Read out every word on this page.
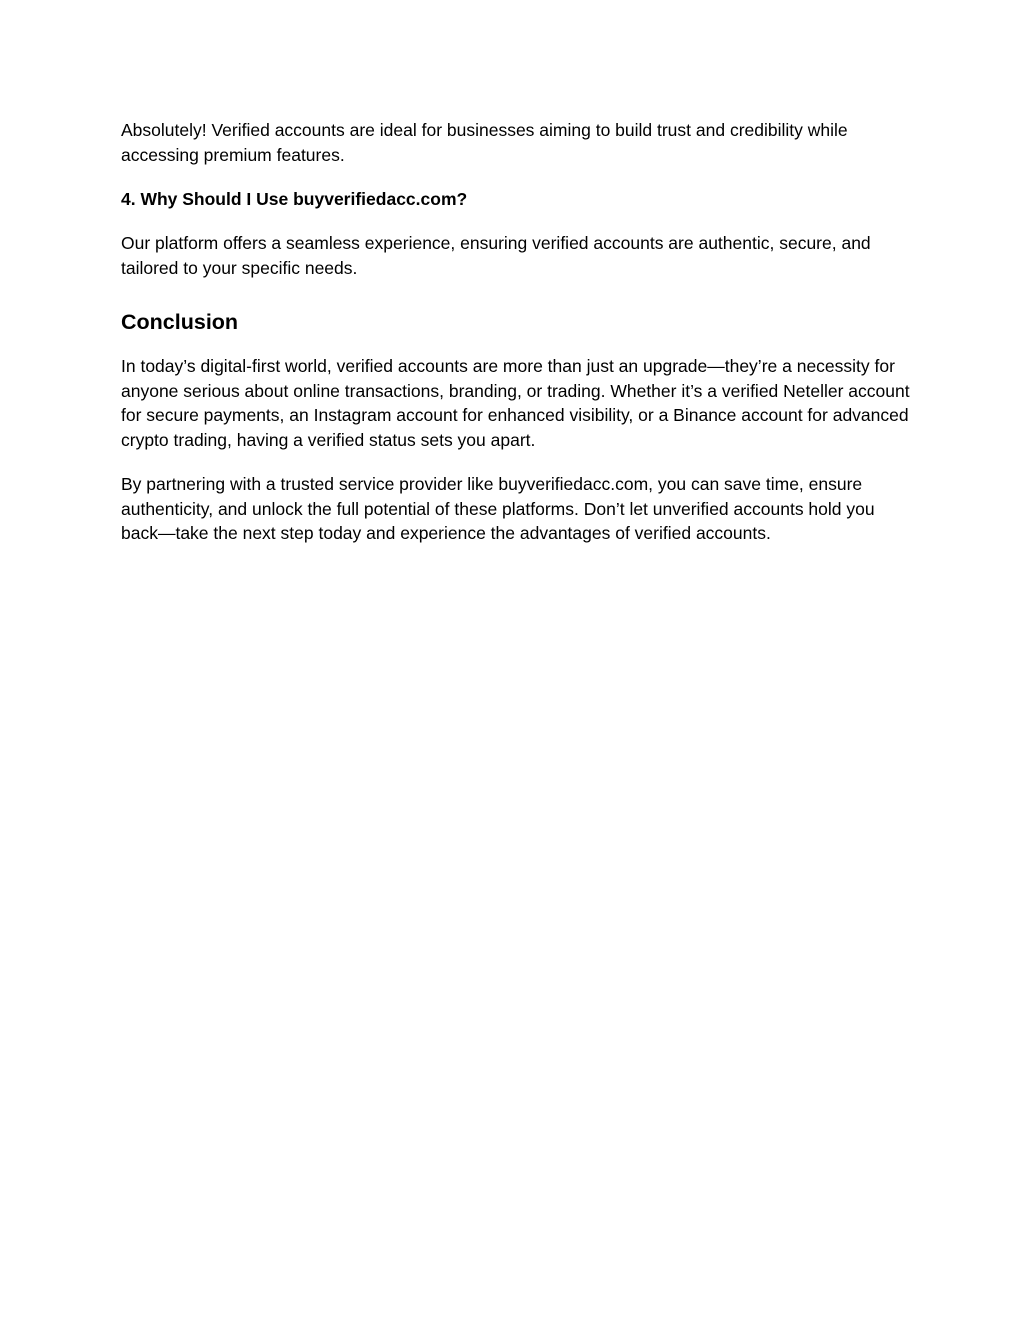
Absolutely! Verified accounts are ideal for businesses aiming to build trust and credibility while accessing premium features.

4. Why Should I Use buyverifiedacc.com?

Our platform offers a seamless experience, ensuring verified accounts are authentic, secure, and tailored to your specific needs.

Conclusion

In today’s digital-first world, verified accounts are more than just an upgrade—they’re a necessity for anyone serious about online transactions, branding, or trading. Whether it’s a verified Neteller account for secure payments, an Instagram account for enhanced visibility, or a Binance account for advanced crypto trading, having a verified status sets you apart.

By partnering with a trusted service provider like buyverifiedacc.com, you can save time, ensure authenticity, and unlock the full potential of these platforms. Don’t let unverified accounts hold you back—take the next step today and experience the advantages of verified accounts.
